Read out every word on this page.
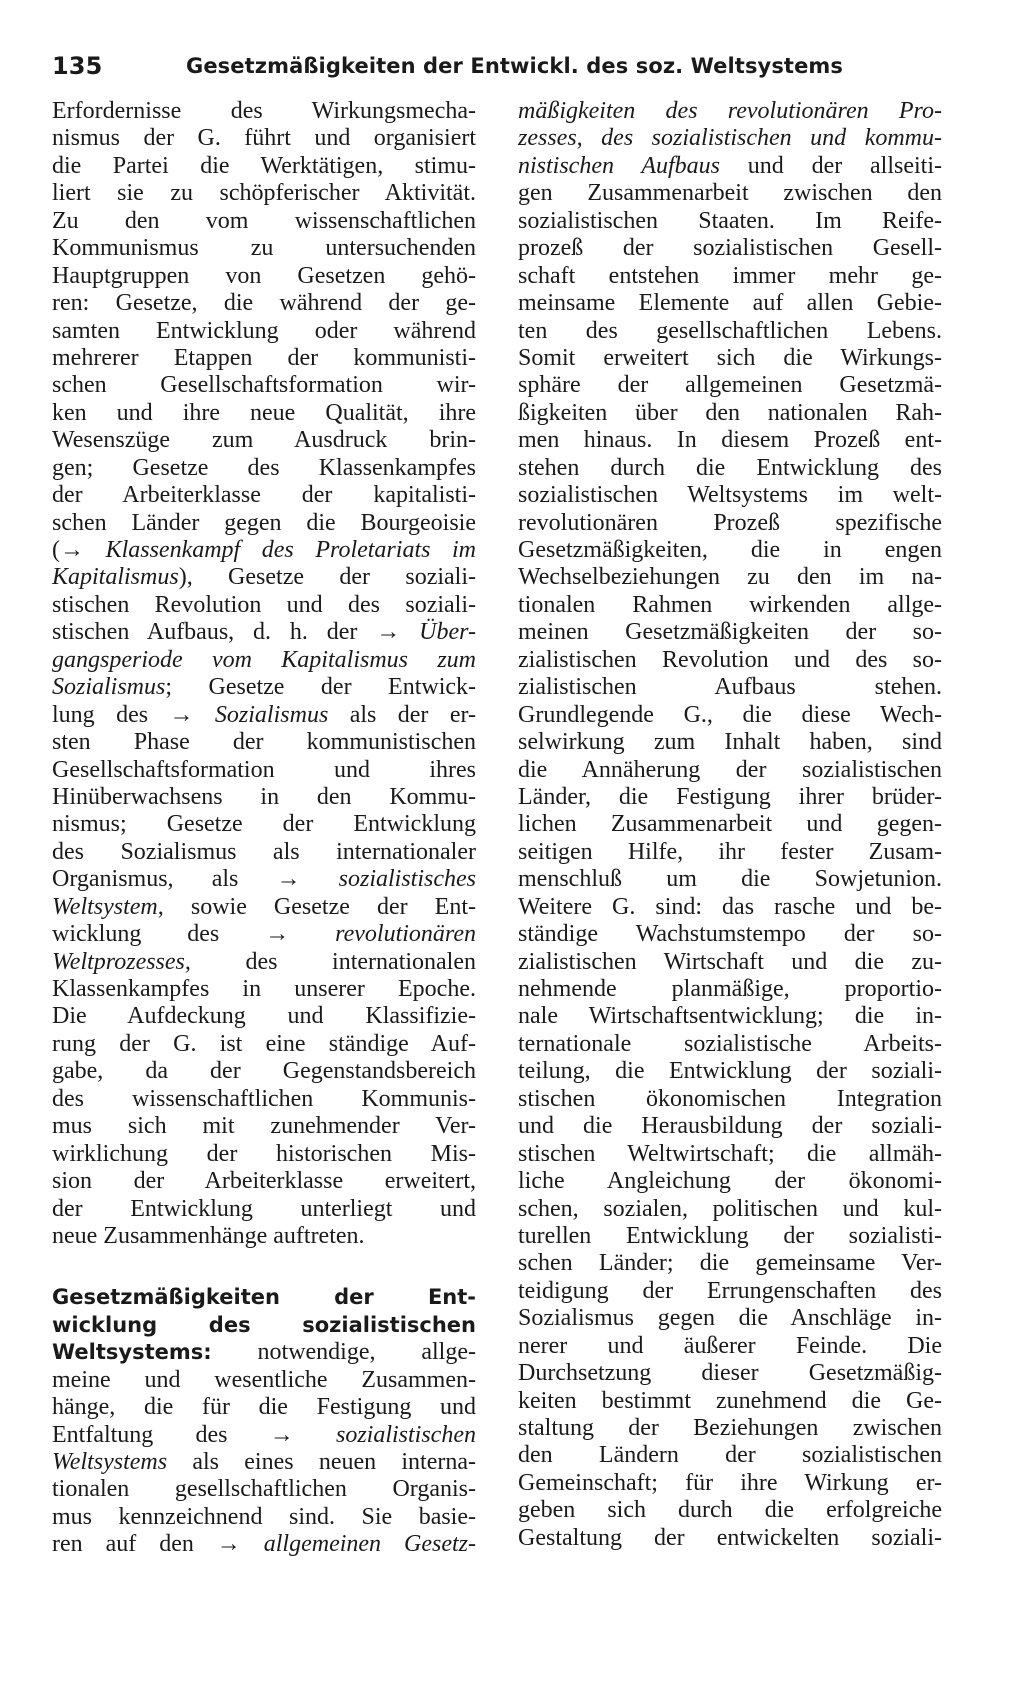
135	Gesetzmäßigkeiten der Entwickl. des soz. Weltsystems
Erfordernisse des Wirkungsmecha-
nismus der G. führt und organisiert
die Partei die Werktätigen, stimu-
liert sie zu schöpferischer Aktivität.
Zu den vom wissenschaftlichen
Kommunismus zu untersuchenden
Hauptgruppen von Gesetzen gehö-
ren: Gesetze, die während der ge-
samten Entwicklung oder während
mehrerer Etappen der kommunisti-
schen Gesellschaftsformation wir-
ken und ihre neue Qualität, ihre
Wesenszüge zum Ausdruck brin-
gen; Gesetze des Klassenkampfes
der Arbeiterklasse der kapitalisti-
schen Länder gegen die Bourgeoisie
(→ Klassenkampf des Proletariats im
Kapitalismus), Gesetze der soziali-
stischen Revolution und des soziali-
stischen Aufbaus, d. h. der → Über-
gangsperiode vom Kapitalismus zum
Sozialismus; Gesetze der Entwick-
lung des → Sozialismus als der er-
sten Phase der kommunistischen
Gesellschaftsformation und ihres
Hinüberwachsens in den Kommu-
nismus; Gesetze der Entwicklung
des Sozialismus als internationaler
Organismus, als → sozialistisches
Weltsystem, sowie Gesetze der Ent-
wicklung des → revolutionären
Weltprozesses, des internationalen
Klassenkampfes in unserer Epoche.
Die Aufdeckung und Klassifizie-
rung der G. ist eine ständige Auf-
gabe, da der Gegenstandsbereich
des wissenschaftlichen Kommunis-
mus sich mit zunehmender Ver-
wirklichung der historischen Mis-
sion der Arbeiterklasse erweitert,
der Entwicklung unterliegt und
neue Zusammenhänge auftreten.
Gesetzmäßigkeiten der Ent-
wicklung des sozialistischen
Weltsystems: notwendige, allge-
meine und wesentliche Zusammen-
hänge, die für die Festigung und
Entfaltung des → sozialistischen
Weltsystems als eines neuen interna-
tionalen gesellschaftlichen Organis-
mus kennzeichnend sind. Sie basie-
ren auf den → allgemeinen Gesetz-
mäßigkeiten des revolutionären Pro-
zesses, des sozialistischen und kommu-
nistischen Aufbaus und der allseiti-
gen Zusammenarbeit zwischen den
sozialistischen Staaten. Im Reife-
prozeß der sozialistischen Gesell-
schaft entstehen immer mehr ge-
meinsame Elemente auf allen Gebie-
ten des gesellschaftlichen Lebens.
Somit erweitert sich die Wirkungs-
sphäre der allgemeinen Gesetzmä-
ßigkeiten über den nationalen Rah-
men hinaus. In diesem Prozeß ent-
stehen durch die Entwicklung des
sozialistischen Weltsystems im welt-
revolutionären Prozeß spezifische
Gesetzmäßigkeiten, die in engen
Wechselbeziehungen zu den im na-
tionalen Rahmen wirkenden allge-
meinen Gesetzmäßigkeiten der so-
zialistischen Revolution und des so-
zialistischen Aufbaus stehen.
Grundlegende G., die diese Wech-
selwirkung zum Inhalt haben, sind
die Annäherung der sozialistischen
Länder, die Festigung ihrer brüder-
lichen Zusammenarbeit und gegen-
seitigen Hilfe, ihr fester Zusam-
menschluß um die Sowjetunion.
Weitere G. sind: das rasche und be-
ständige Wachstumstempo der so-
zialistischen Wirtschaft und die zu-
nehmende planmäßige, proportio-
nale Wirtschaftsentwicklung; die in-
ternationale sozialistische Arbeits-
teilung, die Entwicklung der soziali-
stischen ökonomischen Integration
und die Herausbildung der soziali-
stischen Weltwirtschaft; die allmäh-
liche Angleichung der ökonomi-
schen, sozialen, politischen und kul-
turellen Entwicklung der sozialisti-
schen Länder; die gemeinsame Ver-
teidigung der Errungenschaften des
Sozialismus gegen die Anschläge in-
nerer und äußerer Feinde. Die
Durchsetzung dieser Gesetzmäßig-
keiten bestimmt zunehmend die Ge-
staltung der Beziehungen zwischen
den Ländern der sozialistischen
Gemeinschaft; für ihre Wirkung er-
geben sich durch die erfolgreiche
Gestaltung der entwickelten soziali-
